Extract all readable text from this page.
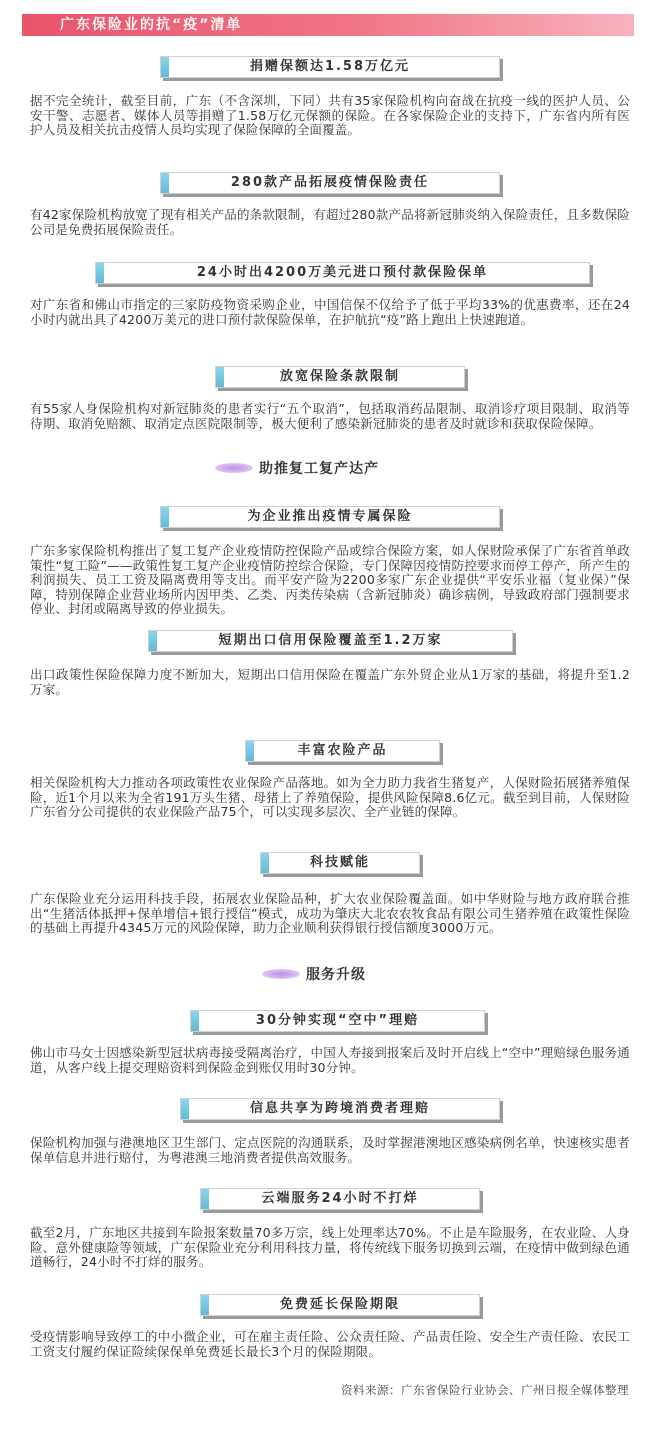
广东保险业的抗“疫”清单
捐赠保额达1.58万亿元

据不完全统计，截至目前，广东（不含深圳，下同）共有35家保险机构向奋战在抗疫一线的医护人员、公安干警、志愿者、媒体人员等捐赠了1.58万亿元保额的保险。在各家保险企业的支持下，广东省内所有医护人员及相关抗击疫情人员均实现了保险保障的全面覆盖。

280款产品拓展疫情保险责任

有42家保险机构放宽了现有相关产品的条款限制，有超过280款产品将新冠肺炎纳入保险责任，且多数保险公司是免费拓展保险责任。

24小时出4200万美元进口预付款保险保单

对广东省和佛山市指定的三家防疫物资采购企业，中国信保不仅给予了低于平均33%的优惠费率，还在24小时内就出具了4200万美元的进口预付款保险保单，在护航抗“疫”路上跑出上快速跑道。

放宽保险条款限制

有55家人身保险机构对新冠肺炎的患者实行“五个取消”，包括取消药品限制、取消诊疗项目限制、取消等待期、取消免赔额、取消定点医院限制等，极大便利了感染新冠肺炎的患者及时就诊和获取保险保障。

助推复工复产达产
为企业推出疫情专属保险

广东多家保险机构推出了复工复产企业疫情防控保险产品或综合保险方案，如人保财险承保了广东省首单政策性“复工险”——政策性复工复产企业疫情防控综合保险，专门保障因疫情防控要求而停工停产，所产生的利润损失、员工工资及隔离费用等支出。而平安产险为2200多家广东企业提供“平安乐业福（复业保）”保障，特别保障企业营业场所内因甲类、乙类、丙类传染病（含新冠肺炎）确诊病例，导致政府部门强制要求停业、封闭或隔离导致的停业损失。

短期出口信用保险覆盖至1.2万家

出口政策性保险保障力度不断加大，短期出口信用保险在覆盖广东外贸企业从1万家的基础，将提升至1.2万家。

丰富农险产品

相关保险机构大力推动各项政策性农业保险产品落地。如为全力助力我省生猪复产，人保财险拓展猪养殖保险，近1个月以来为全省191万头生猪、母猪上了养殖保险，提供风险保障8.6亿元。截至到目前，人保财险广东省分公司提供的农业保险产品75个，可以实现多层次、全产业链的保障。

科技赋能

广东保险业充分运用科技手段，拓展农业保险品种，扩大农业保险覆盖面。如中华财险与地方政府联合推出“生猪活体抵押+保单增信+银行授信”模式，成功为肇庆大北农农牧食品有限公司生猪养殖在政策性保险的基础上再提升4345万元的风险保障，助力企业顺利获得银行授信额度3000万元。

服务升级
30分钟实现“空中”理赔

佛山市马女士因感染新型冠状病毒接受隔离治疗，中国人寿接到报案后及时开启线上“空中”理赔绿色服务通道，从客户线上提交理赔资料到保险金到账仅用时30分钟。

信息共享为跨境消费者理赔

保险机构加强与港澳地区卫生部门、定点医院的沟通联系，及时掌握港澳地区感染病例名单，快速核实患者保单信息并进行赔付，为粤港澳三地消费者提供高效服务。

云端服务24小时不打烊

截至2月，广东地区共接到车险报案数量70多万宗，线上处理率达70%。不止是车险服务，在农业险、人身险、意外健康险等领域，广东保险业充分利用科技力量，将传统线下服务切换到云端，在疫情中做到绿色通道畅行，24小时不打烊的服务。

免费延长保险期限

受疫情影响导致停工的中小微企业，可在雇主责任险、公众责任险、产品责任险、安全生产责任险、农民工工资支付履约保证险续保保单免费延长最长3个月的保险期限。

资料来源：广东省保险行业协会、广州日报全媒体整理
